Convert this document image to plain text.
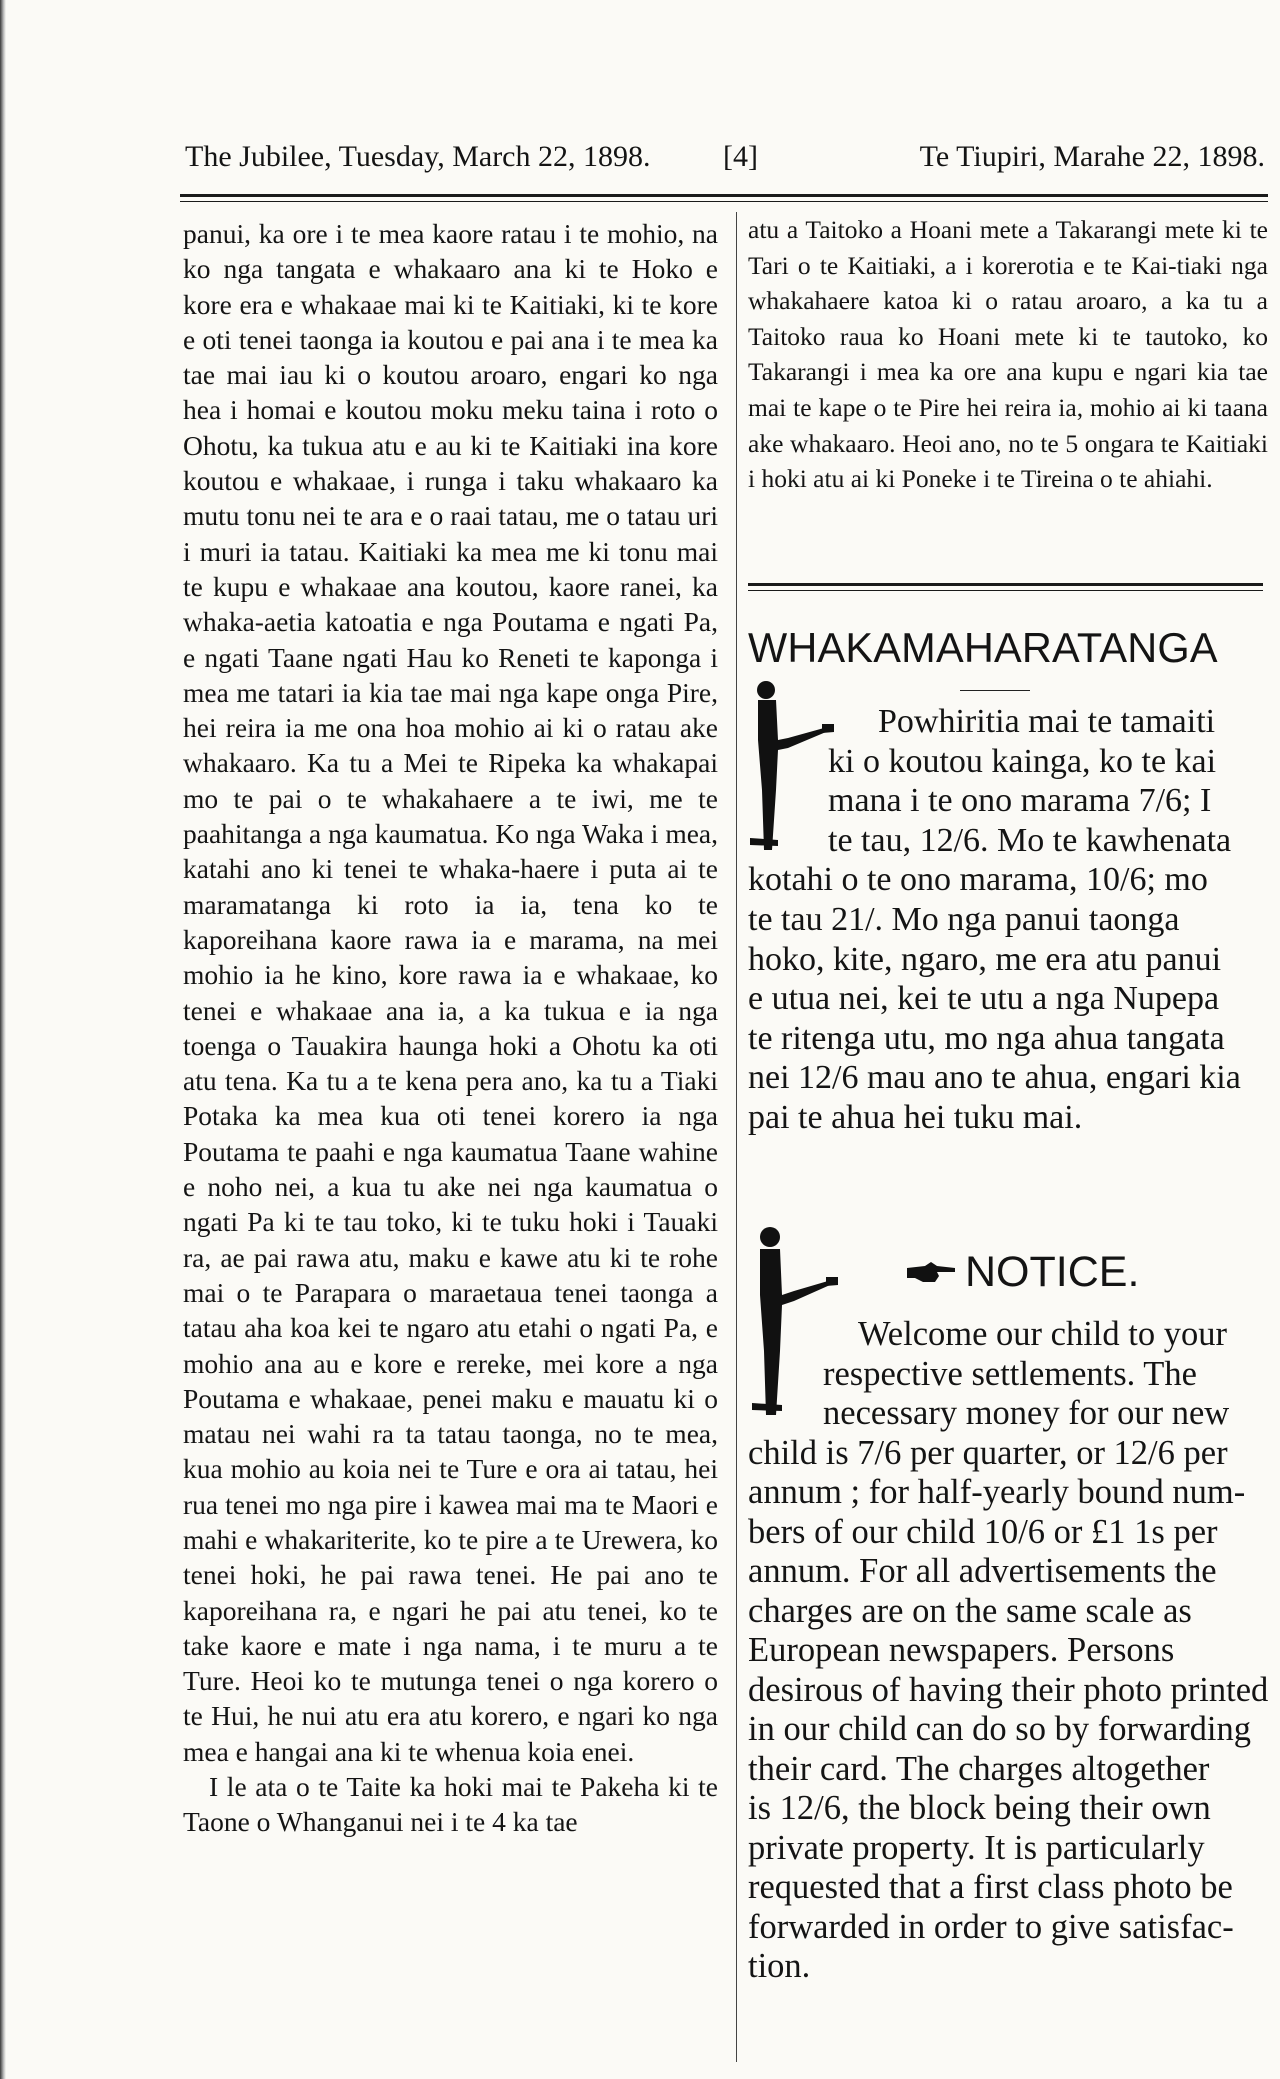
The Jubilee, Tuesday, March 22, 1898. [4]	Te Tiupiri, Marahe 22, 1898.

panui, ka ore i te mea kaore ratau i te mohio, na ko nga tangata e whakaaro ana ki te Hoko e kore era e whakaae mai ki te Kaitiaki, ki te kore e oti tenei taonga ia koutou e pai ana i te mea ka tae mai iau ki o koutou aroaro, engari ko nga hea i homai e koutou moku meku taina i roto o Ohotu, ka tukua atu e au ki te Kaitiaki ina kore koutou e whakaae, i runga i taku whakaaro ka mutu tonu nei te ara e o raai tatau, me o tatau uri i muri ia tatau. Kaitiaki ka mea me ki tonu mai te kupu e whakaae ana koutou, kaore ranei, ka whaka-aetia katoatia e nga Poutama e ngati Pa, e ngati Taane ngati Hau ko Reneti te kaponga i mea me tatari ia kia tae mai nga kape onga Pire, hei reira ia me ona hoa mohio ai ki o ratau ake whakaaro. Ka tu a Mei te Ripeka ka whakapai mo te pai o te whakahaere a te iwi, me te paahitanga a nga kaumatua. Ko nga Waka i mea, katahi ano ki tenei te whaka-haere i puta ai te maramatanga ki roto ia ia, tena ko te kaporeihana kaore rawa ia e marama, na mei mohio ia he kino, kore rawa ia e whakaae, ko tenei e whakaae ana ia, a ka tukua e ia nga toenga o Tauakira haunga hoki a Ohotu ka oti atu tena. Ka tu a te kena pera ano, ka tu a Tiaki Potaka ka mea kua oti tenei korero ia nga Poutama te paahi e nga kaumatua Taane wahine e noho nei, a kua tu ake nei nga kaumatua o ngati Pa ki te tau toko, ki te tuku hoki i Tauaki ra, ae pai rawa atu, maku e kawe atu ki te rohe mai o te Parapara o maraetaua tenei taonga a tatau aha koa kei te ngaro atu etahi o ngati Pa, e mohio ana au e kore e rereke, mei kore a nga Poutama e whakaae, penei maku e mauatu ki o matau nei wahi ra ta tatau taonga, no te mea, kua mohio au koia nei te Ture e ora ai tatau, hei rua tenei mo nga pire i kawea mai ma te Maori e mahi e whakariterite, ko te pire a te Urewera, ko tenei hoki, he pai rawa tenei. He pai ano te kaporeihana ra, e ngari he pai atu tenei, ko te take kaore e mate i nga nama, i te muru a te Ture. Heoi ko te mutunga tenei o nga korero o te Hui, he nui atu era atu korero, e ngari ko nga mea e hangai ana ki te whenua koia enei.

I le ata o te Taite ka hoki mai te Pakeha ki te Taone o Whanganui nei i te 4 ka tae

atu a Taitoko a Hoani mete a Takarangi mete ki te Tari o te Kaitiaki, a i korerotia e te Kai-tiaki nga whakahaere katoa ki o ratau aroaro, a ka tu a Taitoko raua ko Hoani mete ki te tautoko, ko Takarangi i mea ka ore ana kupu e ngari kia tae mai te kape o te Pire hei reira ia, mohio ai ki taana ake whakaaro. Heoi ano, no te 5 ongara te Kaitiaki i hoki atu ai ki Poneke i te Tireina o te ahiahi.

WHAKAMAHARATANGA
Powhiritia mai te tamaiti
ki o koutou kainga, ko te kai
mana i te ono marama 7/6; I
te tau, 12/6. Mo te kawhenata
kotahi o te ono marama, 10/6; mo
te tau 21/. Mo nga panui taonga
hoko, kite, ngaro, me era atu panui
e utua nei, kei te utu a nga Nupepa
te ritenga utu, mo nga ahua tangata
nei 12/6 mau ano te ahua, engari kia
pai te ahua hei tuku mai.
NOTICE.
Welcome our child to your
respective settlements. The
necessary money for our new
child is 7/6 per quarter, or 12/6 per
annum ; for half-yearly bound num-
bers of our child 10/6 or £1 1s per
annum. For all advertisements the
charges are on the same scale as
European newspapers. Persons
desirous of having their photo printed
in our child can do so by forwarding
their card. The charges altogether
is 12/6, the block being their own
private property. It is particularly
requested that a first class photo be
forwarded in order to give satisfac-
tion.
